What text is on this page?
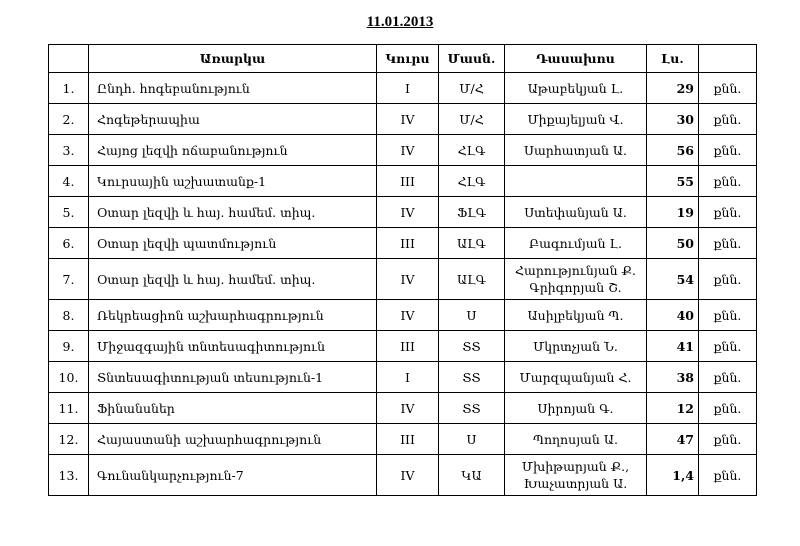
11.01.2013
	Առարկա	Կուրս	Մասն.	Դասախոս	Լս.	
1.	Ընդհ. հոգեբանություն	I	Մ/Հ	Աթաբեկյան Լ.	29	քնն.
2.	Հոգեթերապիա	IV	Մ/Հ	Միքայելյան Վ.	30	քնն.
3.	Հայոց լեզվի ոճաբանություն	IV	ՀԼԳ	Սարհատյան Ա.	56	քնն.
4.	Կուրսային աշխատանք-1	III	ՀԼԳ		55	քնն.
5.	Օտար լեզվի և հայ. համեմ. տիպ.	IV	ՖԼԳ	Ստեփանյան Ա.	19	քնն.
6.	Օտար լեզվի պատմություն	III	ԱԼԳ	Բագումյան Լ.	50	քնն.
7.	Օտար լեզվի և հայ. համեմ. տիպ.	IV	ԱԼԳ	Հարությունյան Ք.
Գրիգորյան Շ.	54	քնն.
8.	Ռեկրեացիոն աշխարհագրություն	IV	Ս	Ասիլբեկյան Պ.	40	քնն.
9.	Միջազգային տնտեսագիտություն	III	ՏՏ	Մկրտչյան Ն.	41	քնն.
10.	Տնտեսագիտության տեսություն-1	I	ՏՏ	Մարզպանյան Հ.	38	քնն.
11.	Ֆինանսներ	IV	ՏՏ	Սիրոյան Գ.	12	քնն.
12.	Հայաստանի աշխարհագրություն	III	Ս	Պողոսյան Ա.	47	քնն.
13.	Գունանկարչություն-7	IV	ԿԱ	Մխիթարյան Ք.,
Խաչատրյան Ա.	1,4	քնն.
